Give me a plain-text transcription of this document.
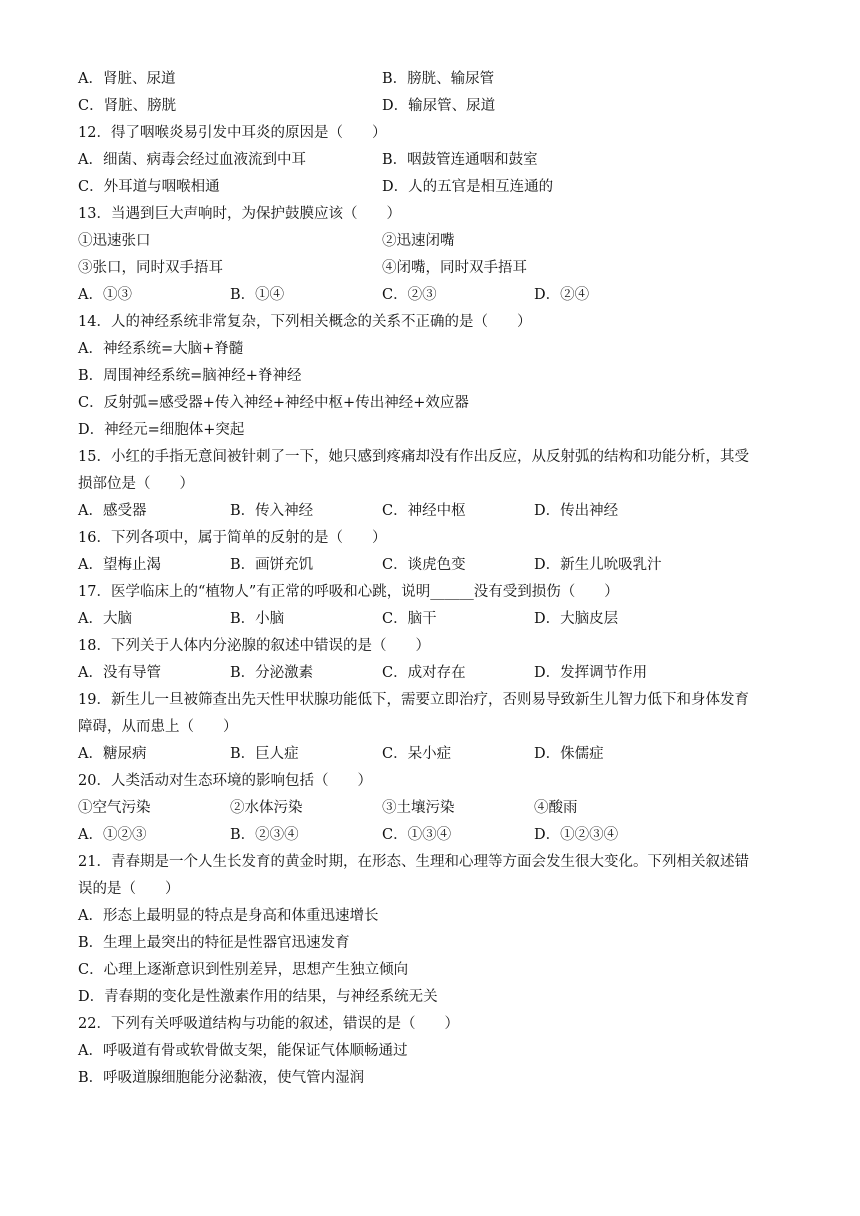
A．肾脏、尿道	B．膀胱、输尿管
C．肾脏、膀胱	D．输尿管、尿道
12．得了咽喉炎易引发中耳炎的原因是（　　）
A．细菌、病毒会经过血液流到中耳	B．咽鼓管连通咽和鼓室
C．外耳道与咽喉相通	D．人的五官是相互连通的
13．当遇到巨大声响时，为保护鼓膜应该（　　）
①迅速张口	②迅速闭嘴
③张口，同时双手捂耳	④闭嘴，同时双手捂耳
A．①③	B．①④	C．②③	D．②④
14．人的神经系统非常复杂，下列相关概念的关系不正确的是（　　）
A．神经系统=大脑+脊髓
B．周围神经系统=脑神经+脊神经
C．反射弧=感受器+传入神经+神经中枢+传出神经+效应器
D．神经元=细胞体+突起
15．小红的手指无意间被针刺了一下，她只感到疼痛却没有作出反应，从反射弧的结构和功能分析，其受
损部位是（　　）
A．感受器	B．传入神经	C．神经中枢	D．传出神经
16．下列各项中，属于简单的反射的是（　　）
A．望梅止渴	B．画饼充饥	C．谈虎色变	D．新生儿吮吸乳汁
17．医学临床上的“植物人”有正常的呼吸和心跳，说明______没有受到损伤（　　）
A．大脑	B．小脑	C．脑干	D．大脑皮层
18．下列关于人体内分泌腺的叙述中错误的是（　　）
A．没有导管	B．分泌激素	C．成对存在	D．发挥调节作用
19．新生儿一旦被筛查出先天性甲状腺功能低下，需要立即治疗，否则易导致新生儿智力低下和身体发育
障碍，从而患上（　　）
A．糖尿病	B．巨人症	C．呆小症	D．侏儒症
20．人类活动对生态环境的影响包括（　　）
①空气污染	②水体污染	③土壤污染	④酸雨
A．①②③	B．②③④	C．①③④	D．①②③④
21．青春期是一个人生长发育的黄金时期，在形态、生理和心理等方面会发生很大变化。下列相关叙述错
误的是（　　）
A．形态上最明显的特点是身高和体重迅速增长
B．生理上最突出的特征是性器官迅速发育
C．心理上逐渐意识到性别差异，思想产生独立倾向
D．青春期的变化是性激素作用的结果，与神经系统无关
22．下列有关呼吸道结构与功能的叙述，错误的是（　　）
A．呼吸道有骨或软骨做支架，能保证气体顺畅通过
B．呼吸道腺细胞能分泌黏液，使气管内湿润
